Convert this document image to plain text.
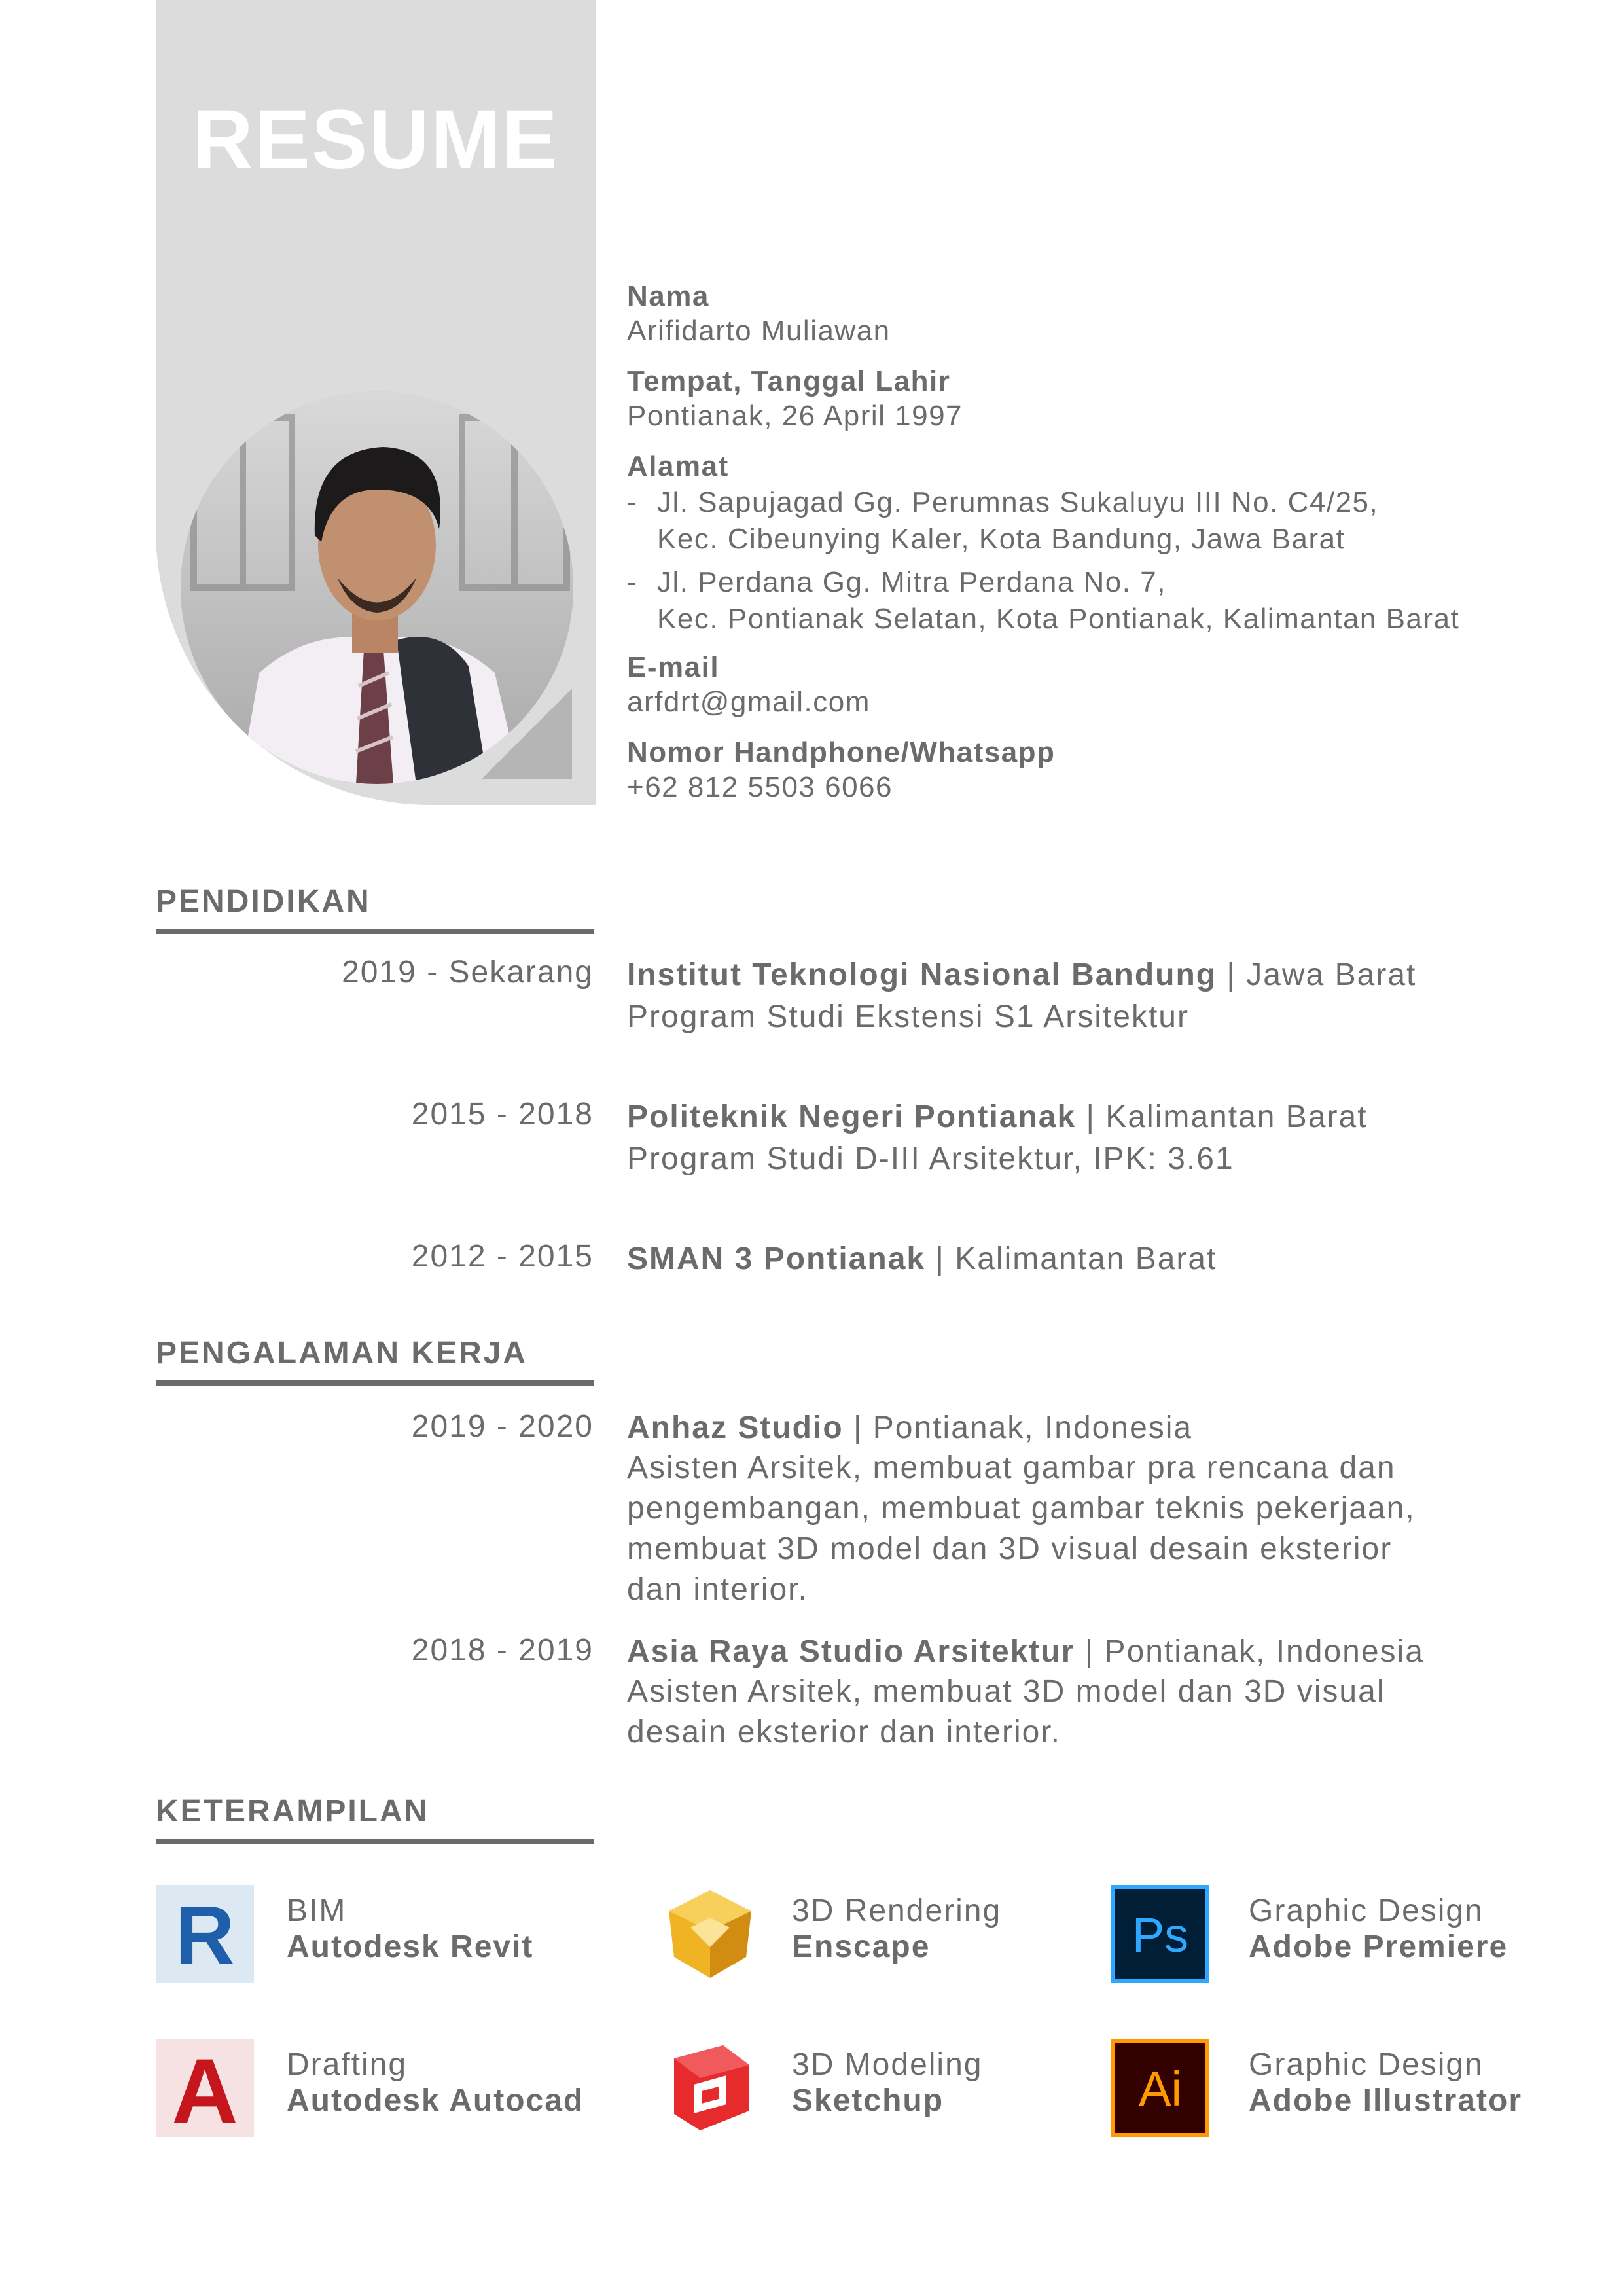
RESUME
Nama
Arifidarto Muliawan
Tempat, Tanggal Lahir
Pontianak, 26 April 1997
Alamat
- Jl. Sapujagad Gg. Perumnas Sukaluyu III No. C4/25,
Kec. Cibeunying Kaler, Kota Bandung, Jawa Barat
- Jl. Perdana Gg. Mitra Perdana No. 7,
Kec. Pontianak Selatan, Kota Pontianak, Kalimantan Barat
E-mail
arfdrt@gmail.com
Nomor Handphone/Whatsapp
+62 812 5503 6066
PENDIDIKAN
2019 - Sekarang Institut Teknologi Nasional Bandung | Jawa Barat
Program Studi Ekstensi S1 Arsitektur
2015 - 2018 Politeknik Negeri Pontianak | Kalimantan Barat
Program Studi D-III Arsitektur, IPK: 3.61
2012 - 2015 SMAN 3 Pontianak | Kalimantan Barat
PENGALAMAN KERJA
2019 - 2020 Anhaz Studio | Pontianak, Indonesia
Asisten Arsitek, membuat gambar pra rencana dan
pengembangan, membuat gambar teknis pekerjaan,
membuat 3D model dan 3D visual desain eksterior
dan interior.
2018 - 2019 Asia Raya Studio Arsitektur | Pontianak, Indonesia
Asisten Arsitek, membuat 3D model dan 3D visual
desain eksterior dan interior.
KETERAMPILAN
R BIM
Autodesk Revit
3D Rendering
Enscape	Ps Graphic Design
Adobe Premiere
A Drafting
Autodesk Autocad
3D Modeling
Sketchup	Ai Graphic Design
Adobe Illustrator
